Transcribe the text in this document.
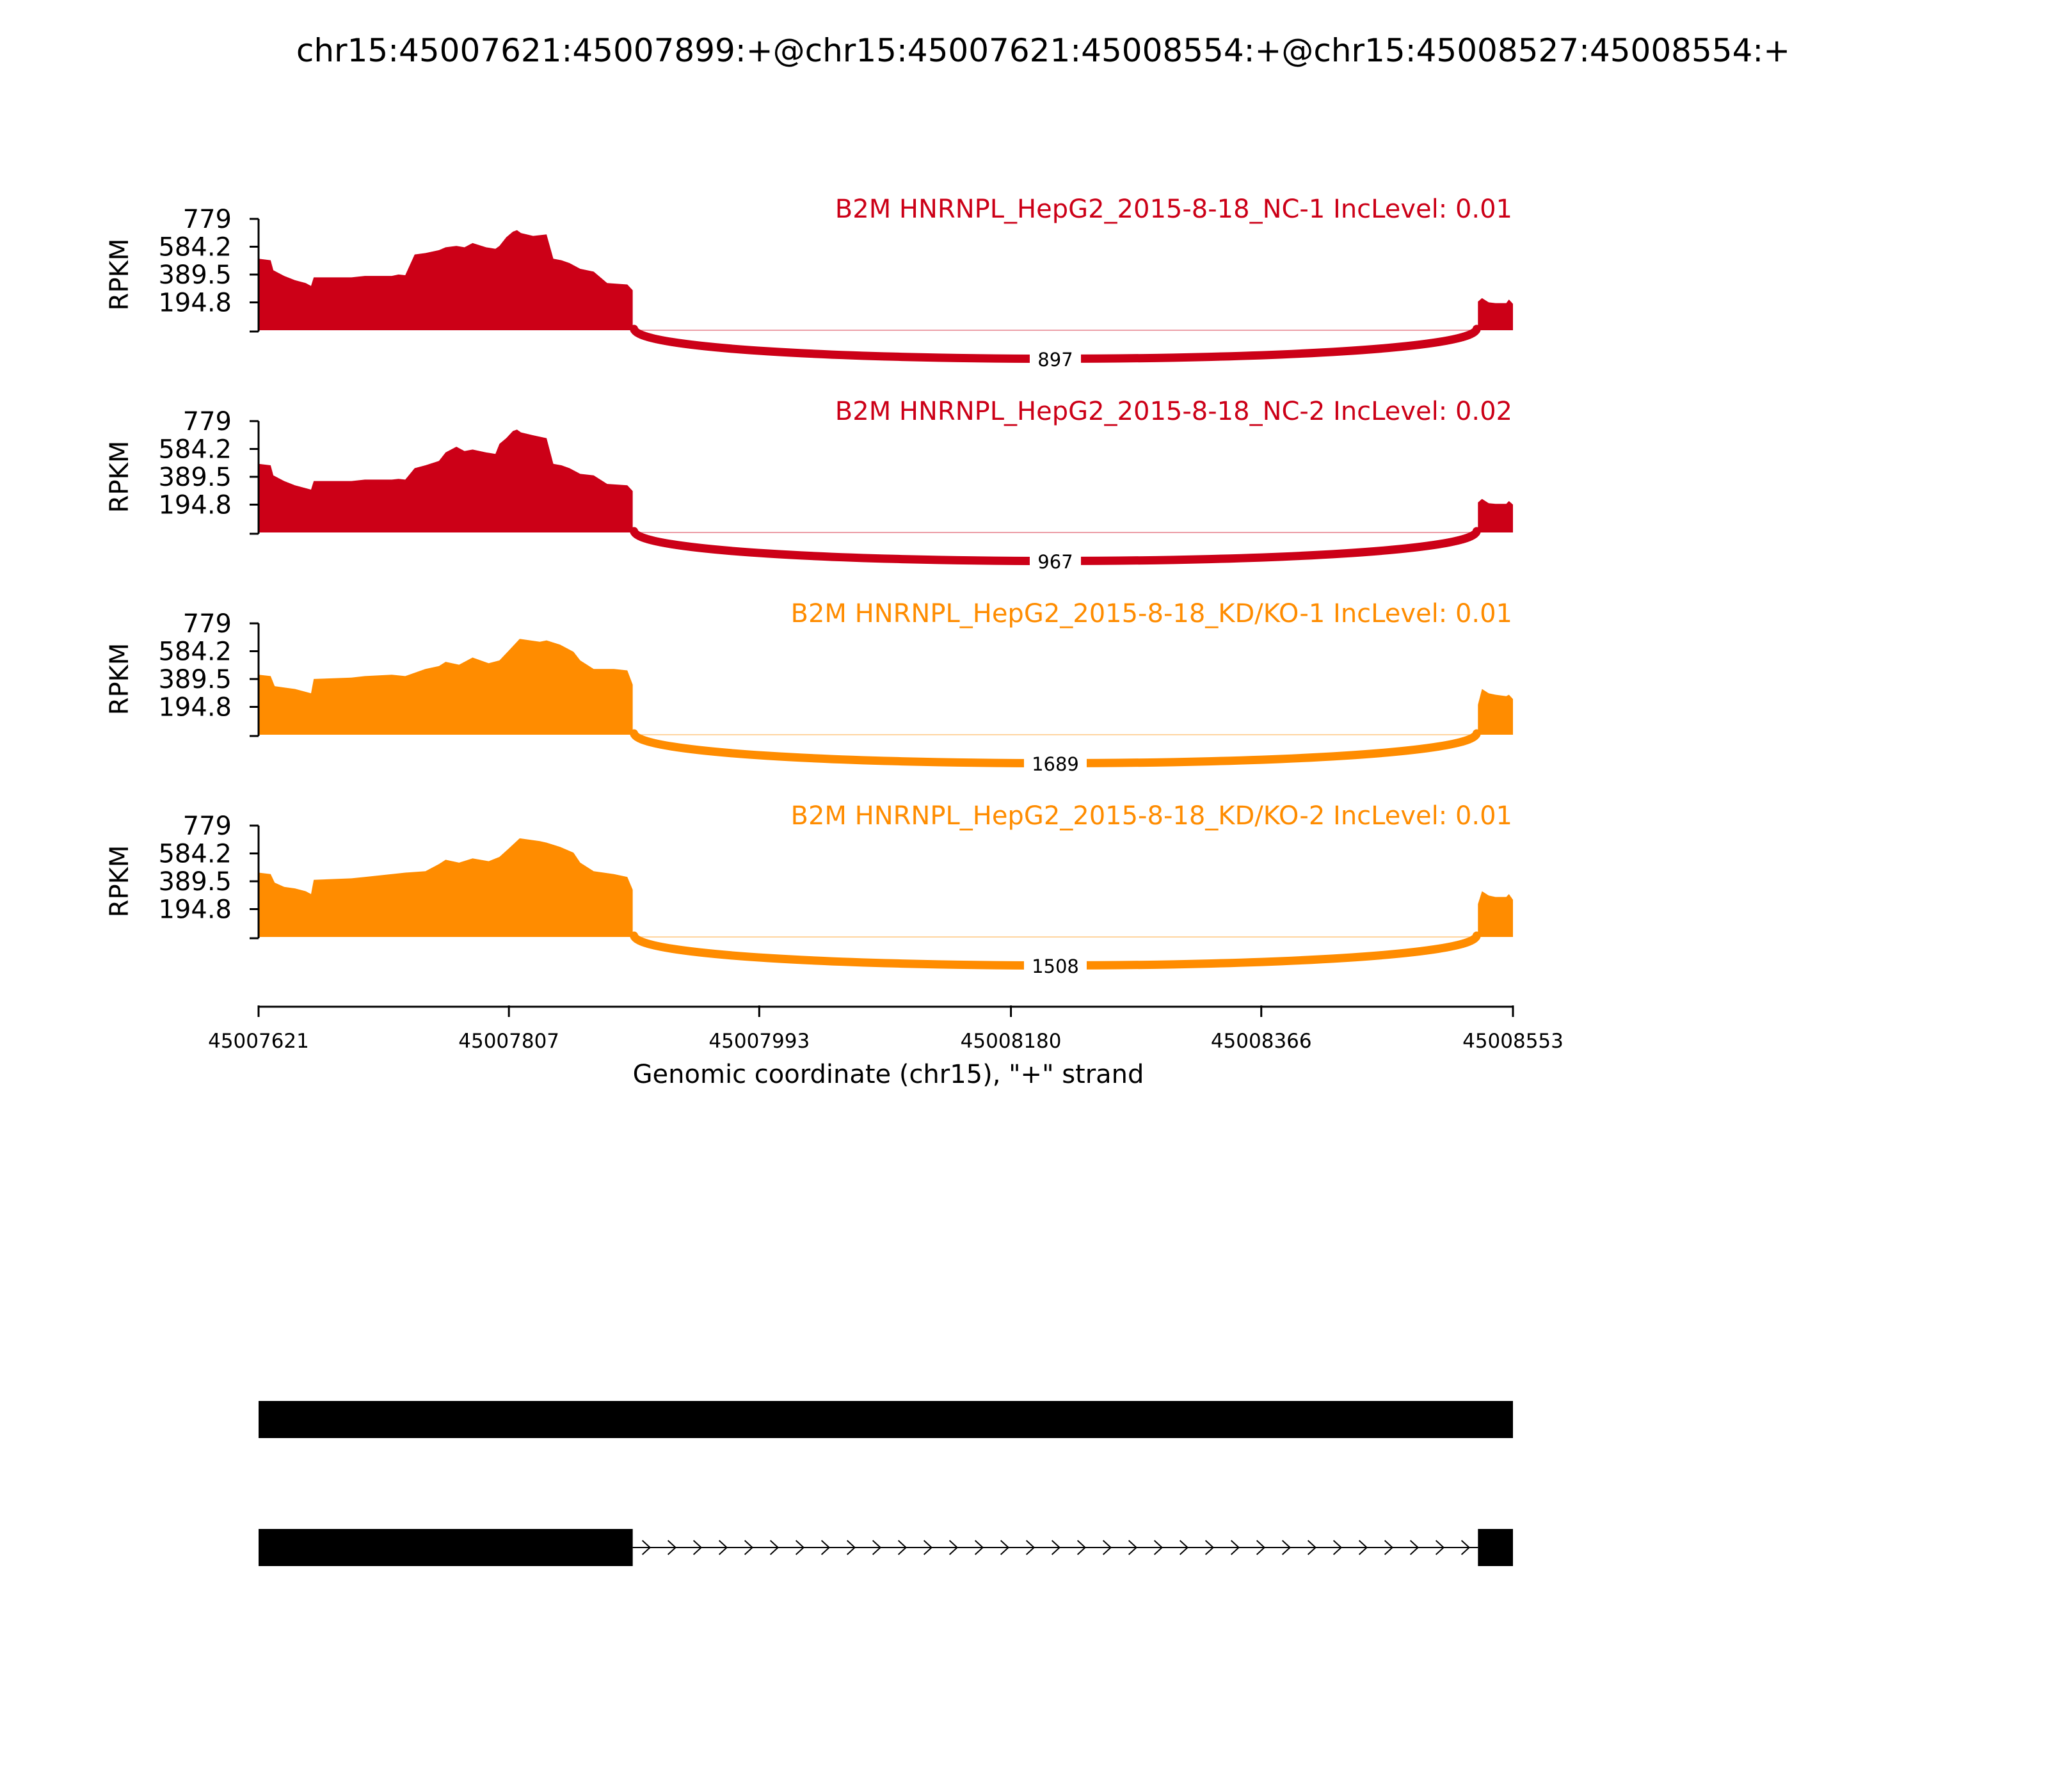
chr15:45007621:45007899:+@chr15:45007621:45008554:+@chr15:45008527:45008554:+
897
B2M HNRNPL_HepG2_2015-8-18_NC-1 IncLevel: 0.01
194.8
389.5
584.2
779
RPKM
967
B2M HNRNPL_HepG2_2015-8-18_NC-2 IncLevel: 0.02
194.8
389.5
584.2
779
RPKM
1689
B2M HNRNPL_HepG2_2015-8-18_KD/KO-1 IncLevel: 0.01
194.8
389.5
584.2
779
RPKM
1508
B2M HNRNPL_HepG2_2015-8-18_KD/KO-2 IncLevel: 0.01
194.8
389.5
584.2
779
RPKM
45007621	45007807	45007993	45008180	45008366	45008553
Genomic coordinate (chr15), "+" strand
